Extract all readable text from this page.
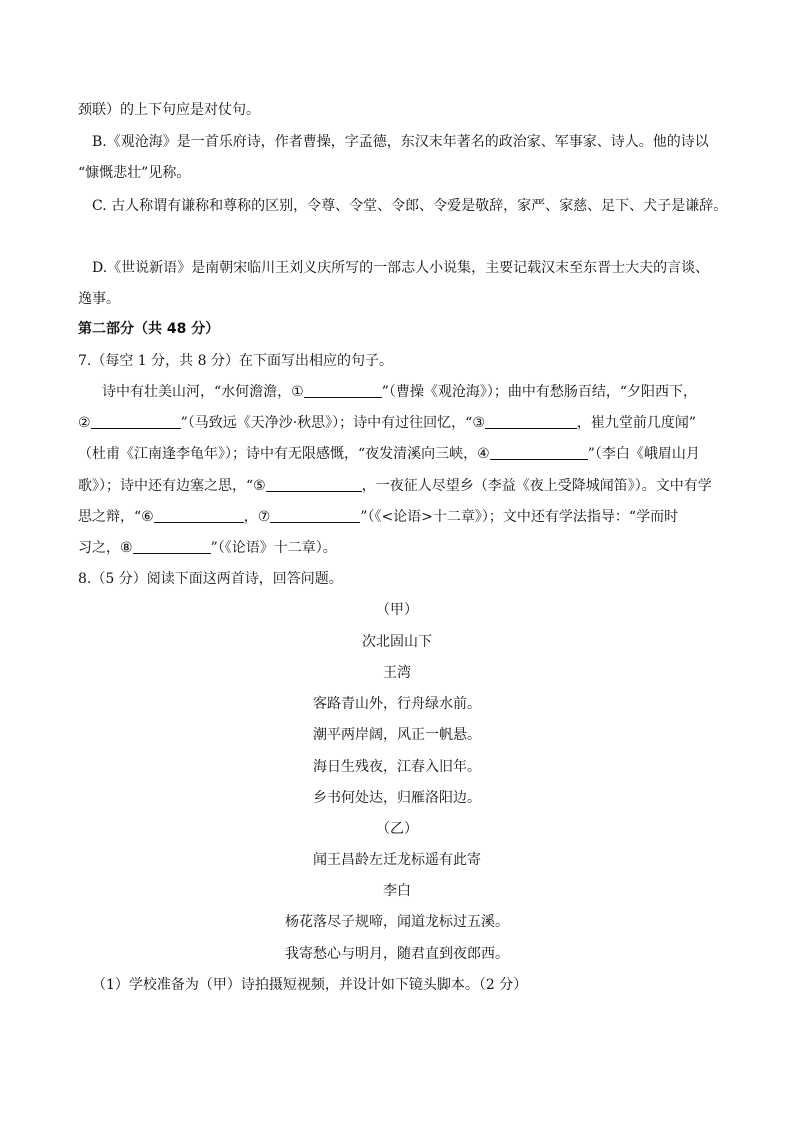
颈联）的上下句应是对仗句。
B.《观沧海》是一首乐府诗，作者曹操，字孟德，东汉末年著名的政治家、军事家、诗人。他的诗以
“慷慨悲壮”见称。
C. 古人称谓有谦称和尊称的区别，令尊、令堂、令郎、令爱是敬辞，家严、家慈、足下、犬子是谦辞。
D.《世说新语》是南朝宋临川王刘义庆所写的一部志人小说集，主要记载汉末至东晋士大夫的言谈、
逸事。
第二部分（共 48 分）
7.（每空 1 分，共 8 分）在下面写出相应的句子。
诗中有壮美山河，“水何澹澹，①	”（曹操《观沧海》）；曲中有愁肠百结，“夕阳西下，
②	”（马致远《天净沙·秋思》）；诗中有过往回忆，“③	，崔九堂前几度闻”
（杜甫《江南逢李龟年》）；诗中有无限感慨，“夜发清溪向三峡，④	”（李白《峨眉山月
歌》）；诗中还有边塞之思，“⑤	，一夜征人尽望乡（李益《夜上受降城闻笛》）。文中有学
思之辩，“⑥	，⑦	”（《<论语>十二章》）；文中还有学法指导：“学而时
习之，⑧	”（《论语》十二章）。
8.（5 分）阅读下面这两首诗，回答问题。
（甲）
次北固山下
王湾
客路青山外，行舟绿水前。
潮平两岸阔，风正一帆悬。
海日生残夜，江春入旧年。
乡书何处达，归雁洛阳边。
（乙）
闻王昌龄左迁龙标遥有此寄
李白
杨花落尽子规啼，闻道龙标过五溪。
我寄愁心与明月，随君直到夜郎西。
（1）学校准备为（甲）诗拍摄短视频，并设计如下镜头脚本。（2 分）
